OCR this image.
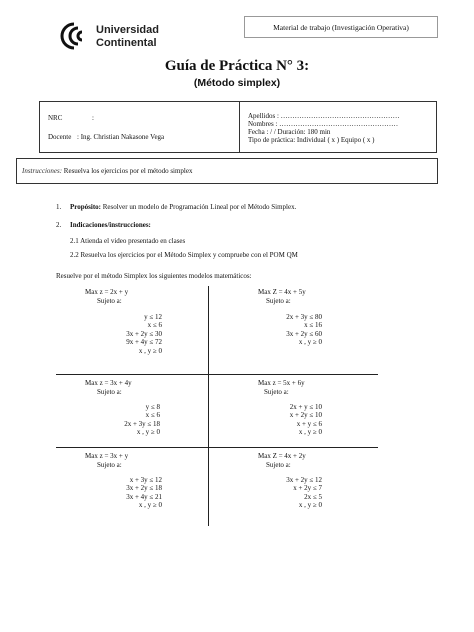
Universidad
Continental
Material de trabajo (Investigación Operativa)
Guía de Práctica N° 3:
(Método simplex)
NRC	:
Docente : Ing. Christian Nakasone Vega
Apellidos : ……………………………………………
Nombres : ……………………………………………
Fecha : / / Duración: 180 min
Tipo de práctica: Individual ( x ) Equipo ( x )
Instrucciones: Resuelva los ejercicios por el método simplex
1. Propósito: Resolver un modelo de Programación Lineal por el Método Simplex.
2. Indicaciones/instrucciones:
2.1 Atienda el video presentado en clases
2.2 Resuelva los ejercicios por el Método Simplex y compruebe con el POM QM
Resuelve por el método Simplex los siguientes modelos matemáticos:
Max z = 2x + y
Sujeto a:
y ≤ 12
x ≤ 6
3x + 2y ≤ 30
9x + 4y ≤ 72
x , y ≥ 0
Max Z = 4x + 5y
Sujeto a:
2x + 3y ≤ 80
x ≤ 16
3x + 2y ≤ 60
x , y ≥ 0
Max z = 3x + 4y
Sujeto a:
y ≤ 8
x ≤ 6
2x + 3y ≤ 18
x , y ≥ 0
Max z = 5x + 6y
Sujeto a:
2x + y ≤ 10
x + 2y ≤ 10
x + y ≤ 6
x , y ≥ 0
Max z = 3x + y
Sujeto a:
x + 3y ≤ 12
3x + 2y ≤ 18
3x + 4y ≤ 21
x , y ≥ 0
Max Z = 4x + 2y
Sujeto a:
3x + 2y ≤ 12
x + 2y ≤ 7
2x ≤ 5
x , y ≥ 0
